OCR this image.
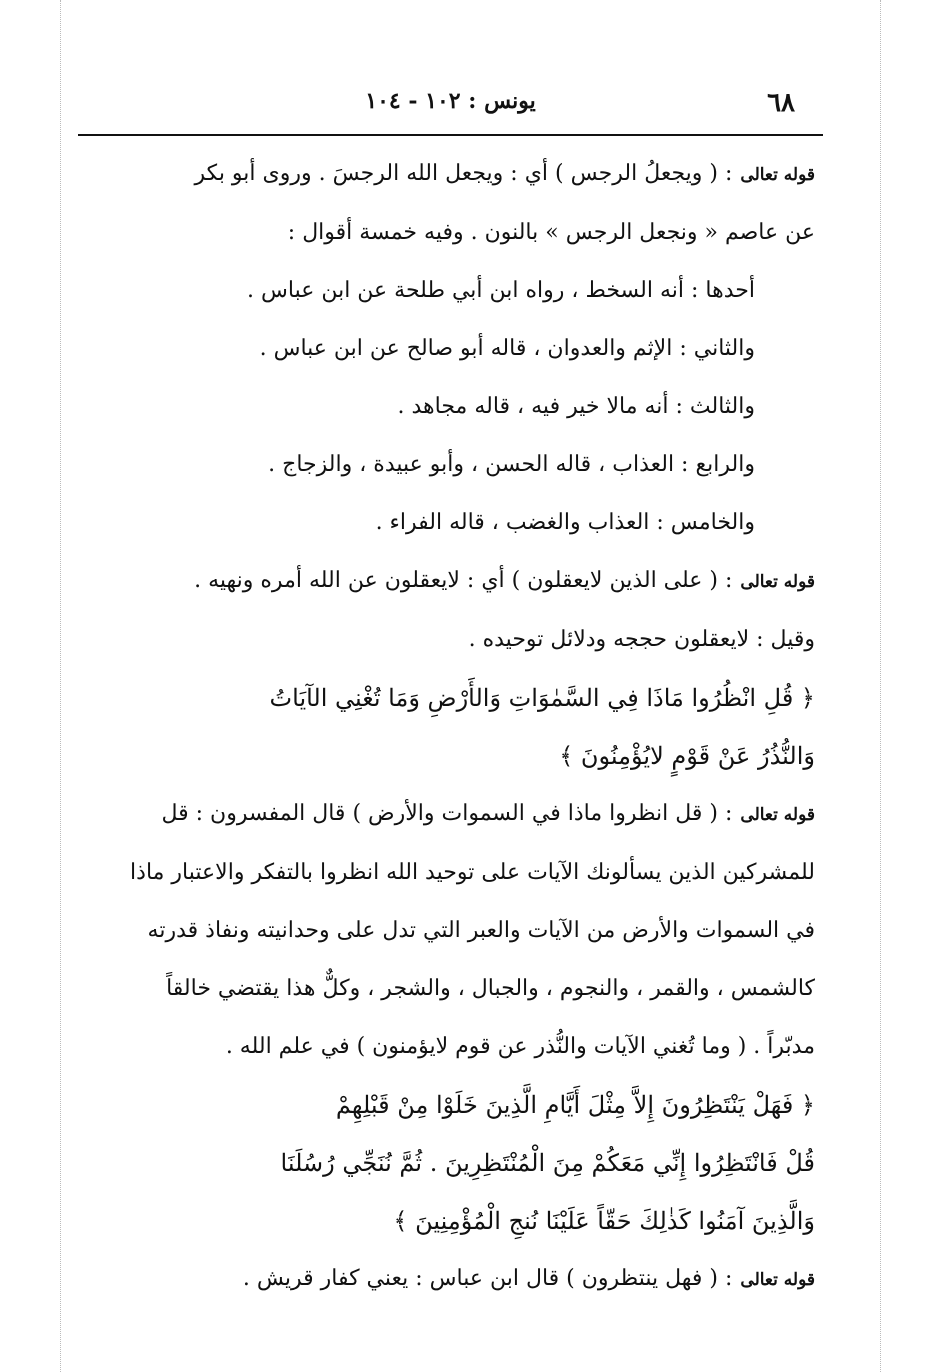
٦٨
يونس : ١٠٢ - ١٠٤
قوله تعالى: ( ويجعلُ الرجس ) أي : ويجعل الله الرجسَ . وروى أبو بكر
عن عاصم « ونجعل الرجس » بالنون . وفيه خمسة أقوال :
أحدها : أنه السخط ، رواه ابن أبي طلحة عن ابن عباس .
والثاني : الإثم والعدوان ، قاله أبو صالح عن ابن عباس .
والثالث : أنه مالا خير فيه ، قاله مجاهد .
والرابع : العذاب ، قاله الحسن ، وأبو عبيدة ، والزجاج .
والخامس : العذاب والغضب ، قاله الفراء .
قوله تعالى: ( على الذين لايعقلون ) أي : لايعقلون عن الله أمره ونهيه .
وقيل : لايعقلون حججه ودلائل توحيده .
﴿ قُلِ انْظُرُوا مَاذَا فِي السَّمٰوَاتِ وَالأَرْضِ وَمَا تُغْنِي الآيَاتُ
وَالنُّذُرُ عَنْ قَوْمٍ لايُؤْمِنُونَ ﴾
قوله تعالى: ( قل انظروا ماذا في السموات والأرض ) قال المفسرون : قل
للمشركين الذين يسألونك الآيات على توحيد الله انظروا بالتفكر والاعتبار ماذا
في السموات والأرض من الآيات والعبر التي تدل على وحدانيته ونفاذ قدرته
كالشمس ، والقمر ، والنجوم ، والجبال ، والشجر ، وكلٌّ هذا يقتضي خالقاً
مدبّراً . ( وما تُغني الآيات والنُّذر عن قوم لايؤمنون ) في علم الله .
﴿ فَهَلْ يَنْتَظِرُونَ إِلاَّ مِثْلَ أَيَّامِ الَّذِينَ خَلَوْا مِنْ قَبْلِهِمْ
قُلْ فَانْتَظِرُوا إِنِّي مَعَكُمْ مِنَ الْمُنْتَظِرِينَ . ثُمَّ نُنَجِّي رُسُلَنَا
وَالَّذِينَ آمَنُوا كَذٰلِكَ حَقّاً عَلَيْنَا نُنجِ الْمُؤْمِنِينَ ﴾
قوله تعالى: ( فهل ينتظرون ) قال ابن عباس : يعني كفار قريش .
